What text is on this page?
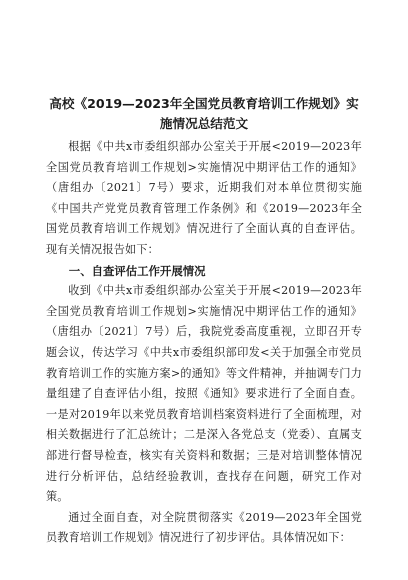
高校《2019—2023年全国党员教育培训工作规划》实施情况总结范文

根据《中共x市委组织部办公室关于开展<2019—2023年全国党员教育培训工作规划>实施情况中期评估工作的通知》（唐组办〔2021〕7号）要求，近期我们对本单位贯彻实施《中国共产党党员教育管理工作条例》和《2019—2023年全国党员教育培训工作规划》情况进行了全面认真的自查评估。现有关情况报告如下：

一、自查评估工作开展情况

收到《中共x市委组织部办公室关于开展<2019—2023年全国党员教育培训工作规划>实施情况中期评估工作的通知》（唐组办〔2021〕7号）后，我院党委高度重视，立即召开专题会议，传达学习《中共x市委组织部印发<关于加强全市党员教育培训工作的实施方案>的通知》等文件精神，并抽调专门力量组建了自查评估小组，按照《通知》要求进行了全面自查。一是对2019年以来党员教育培训档案资料进行了全面梳理，对相关数据进行了汇总统计；二是深入各党总支（党委）、直属支部进行督导检查，核实有关资料和数据；三是对培训整体情况进行分析评估，总结经验教训，查找存在问题，研究工作对策。

通过全面自查，对全院贯彻落实《2019—2023年全国党员教育培训工作规划》情况进行了初步评估。具体情况如下：
